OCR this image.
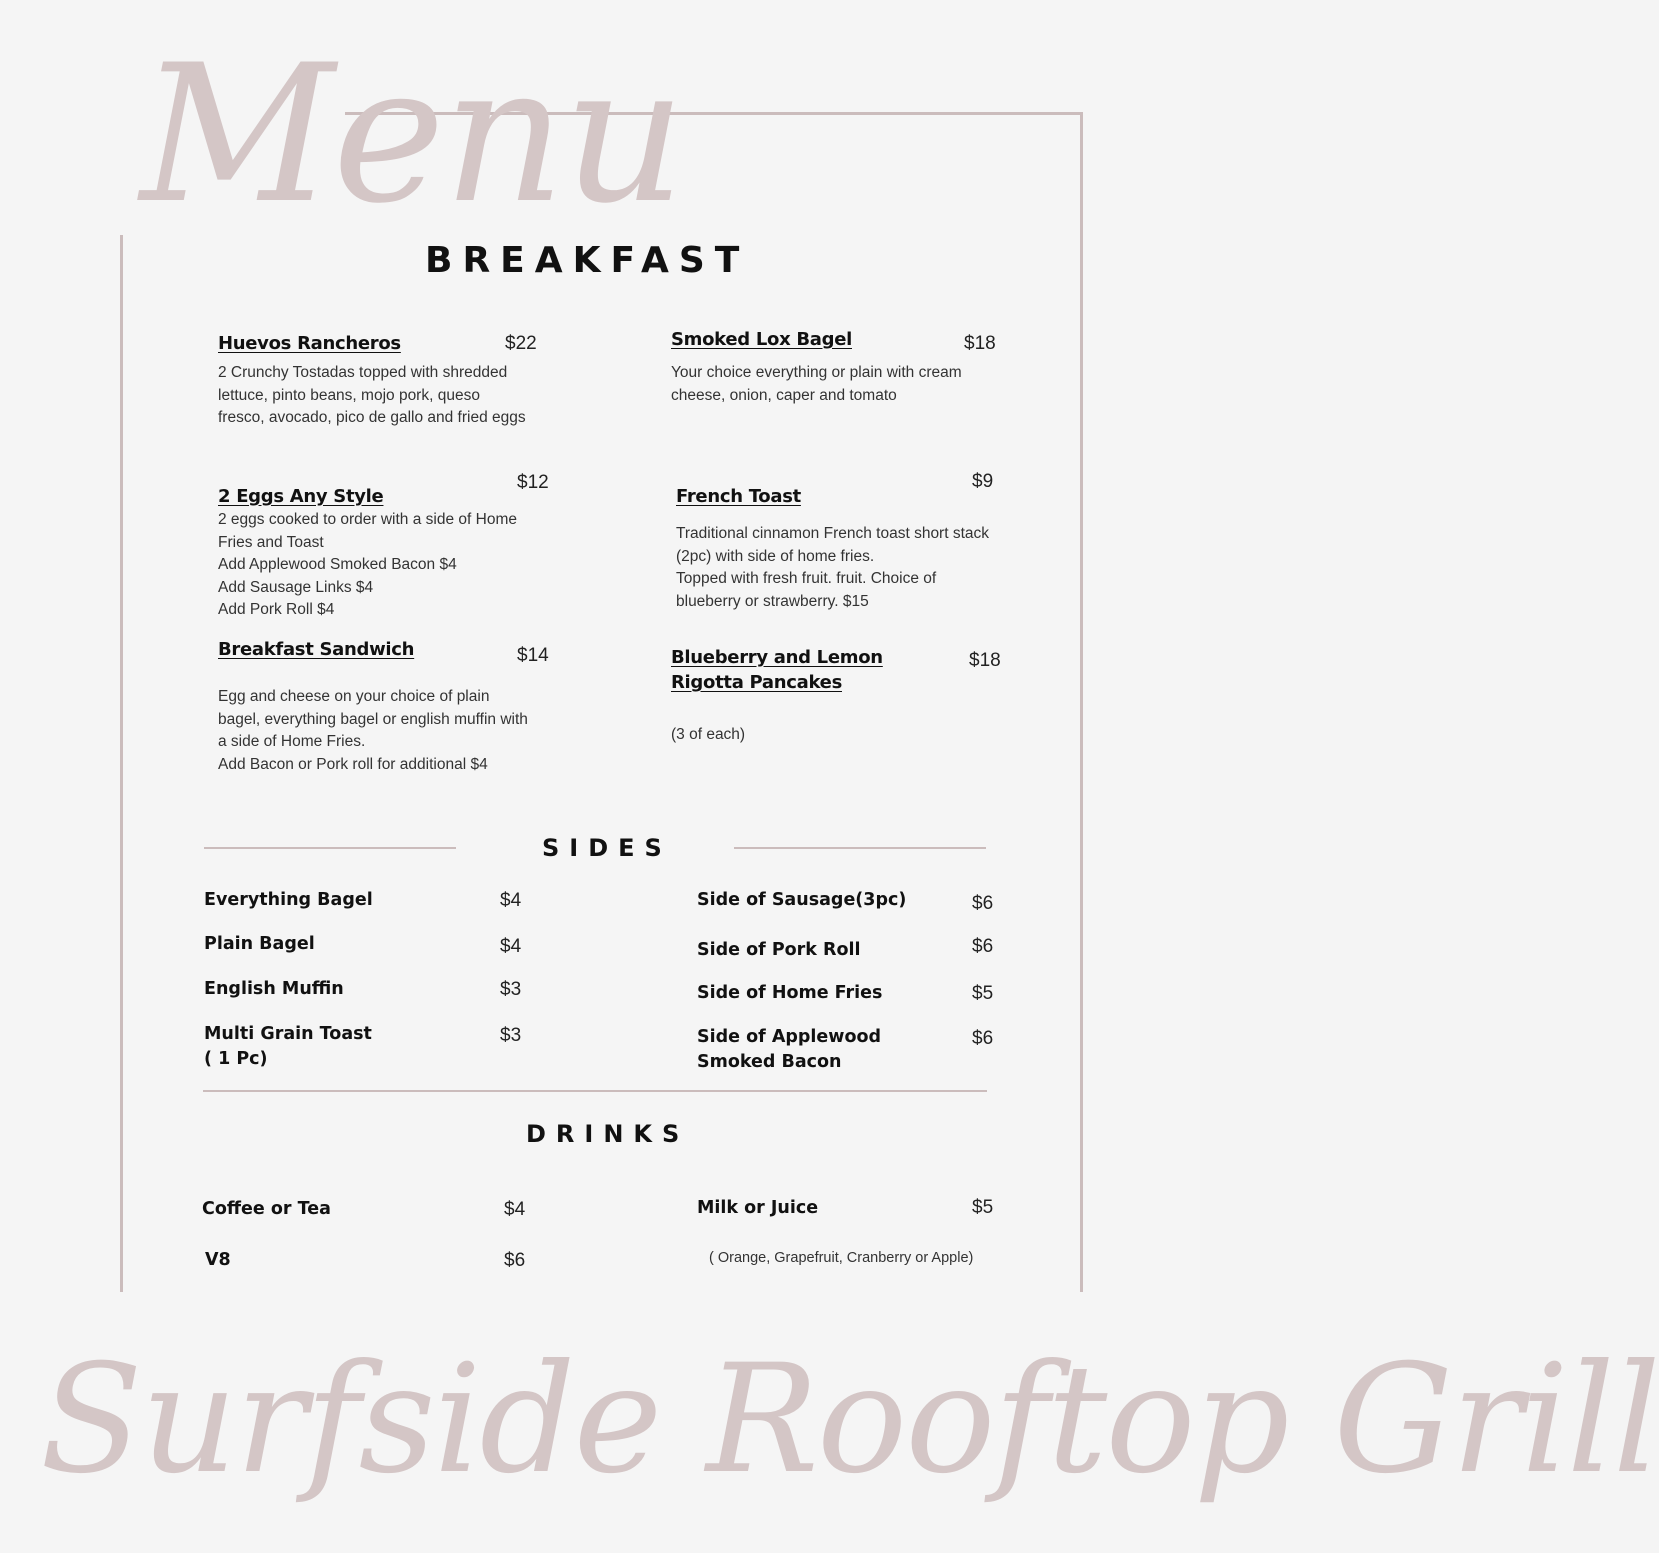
Menu
BREAKFAST
Huevos Rancheros	$22
2 Crunchy Tostadas topped with shredded
lettuce, pinto beans, mojo pork, queso
fresco, avocado, pico de gallo and fried eggs
Smoked Lox Bagel	$18
Your choice everything or plain with cream
cheese, onion, caper and tomato
2 Eggs Any Style
$12
2 eggs cooked to order with a side of Home
Fries and Toast
Add Applewood Smoked Bacon $4
Add Sausage Links $4
Add Pork Roll $4
French Toast
$9
Traditional cinnamon French toast short stack
(2pc) with side of home fries.
Topped with fresh fruit. fruit. Choice of
blueberry or strawberry. $15
Breakfast Sandwich	$14
Egg and cheese on your choice of plain
bagel, everything bagel or english muffin with
a side of Home Fries.
Add Bacon or Pork roll for additional $4
Blueberry and Lemon Rigotta Pancakes
$18
(3 of each)
SIDES
Everything Bagel	$4
Plain Bagel	$4
English Muffin	$3
Multi Grain Toast
( 1 Pc)
$3
Side of Sausage(3pc)	$6
Side of Pork Roll	$6
Side of Home Fries	$5
Side of Applewood
Smoked Bacon
$6
DRINKS
Coffee or Tea	$4
V8	$6
Milk or Juice	$5
( Orange, Grapefruit, Cranberry or Apple)
Surfside Rooftop Grill
